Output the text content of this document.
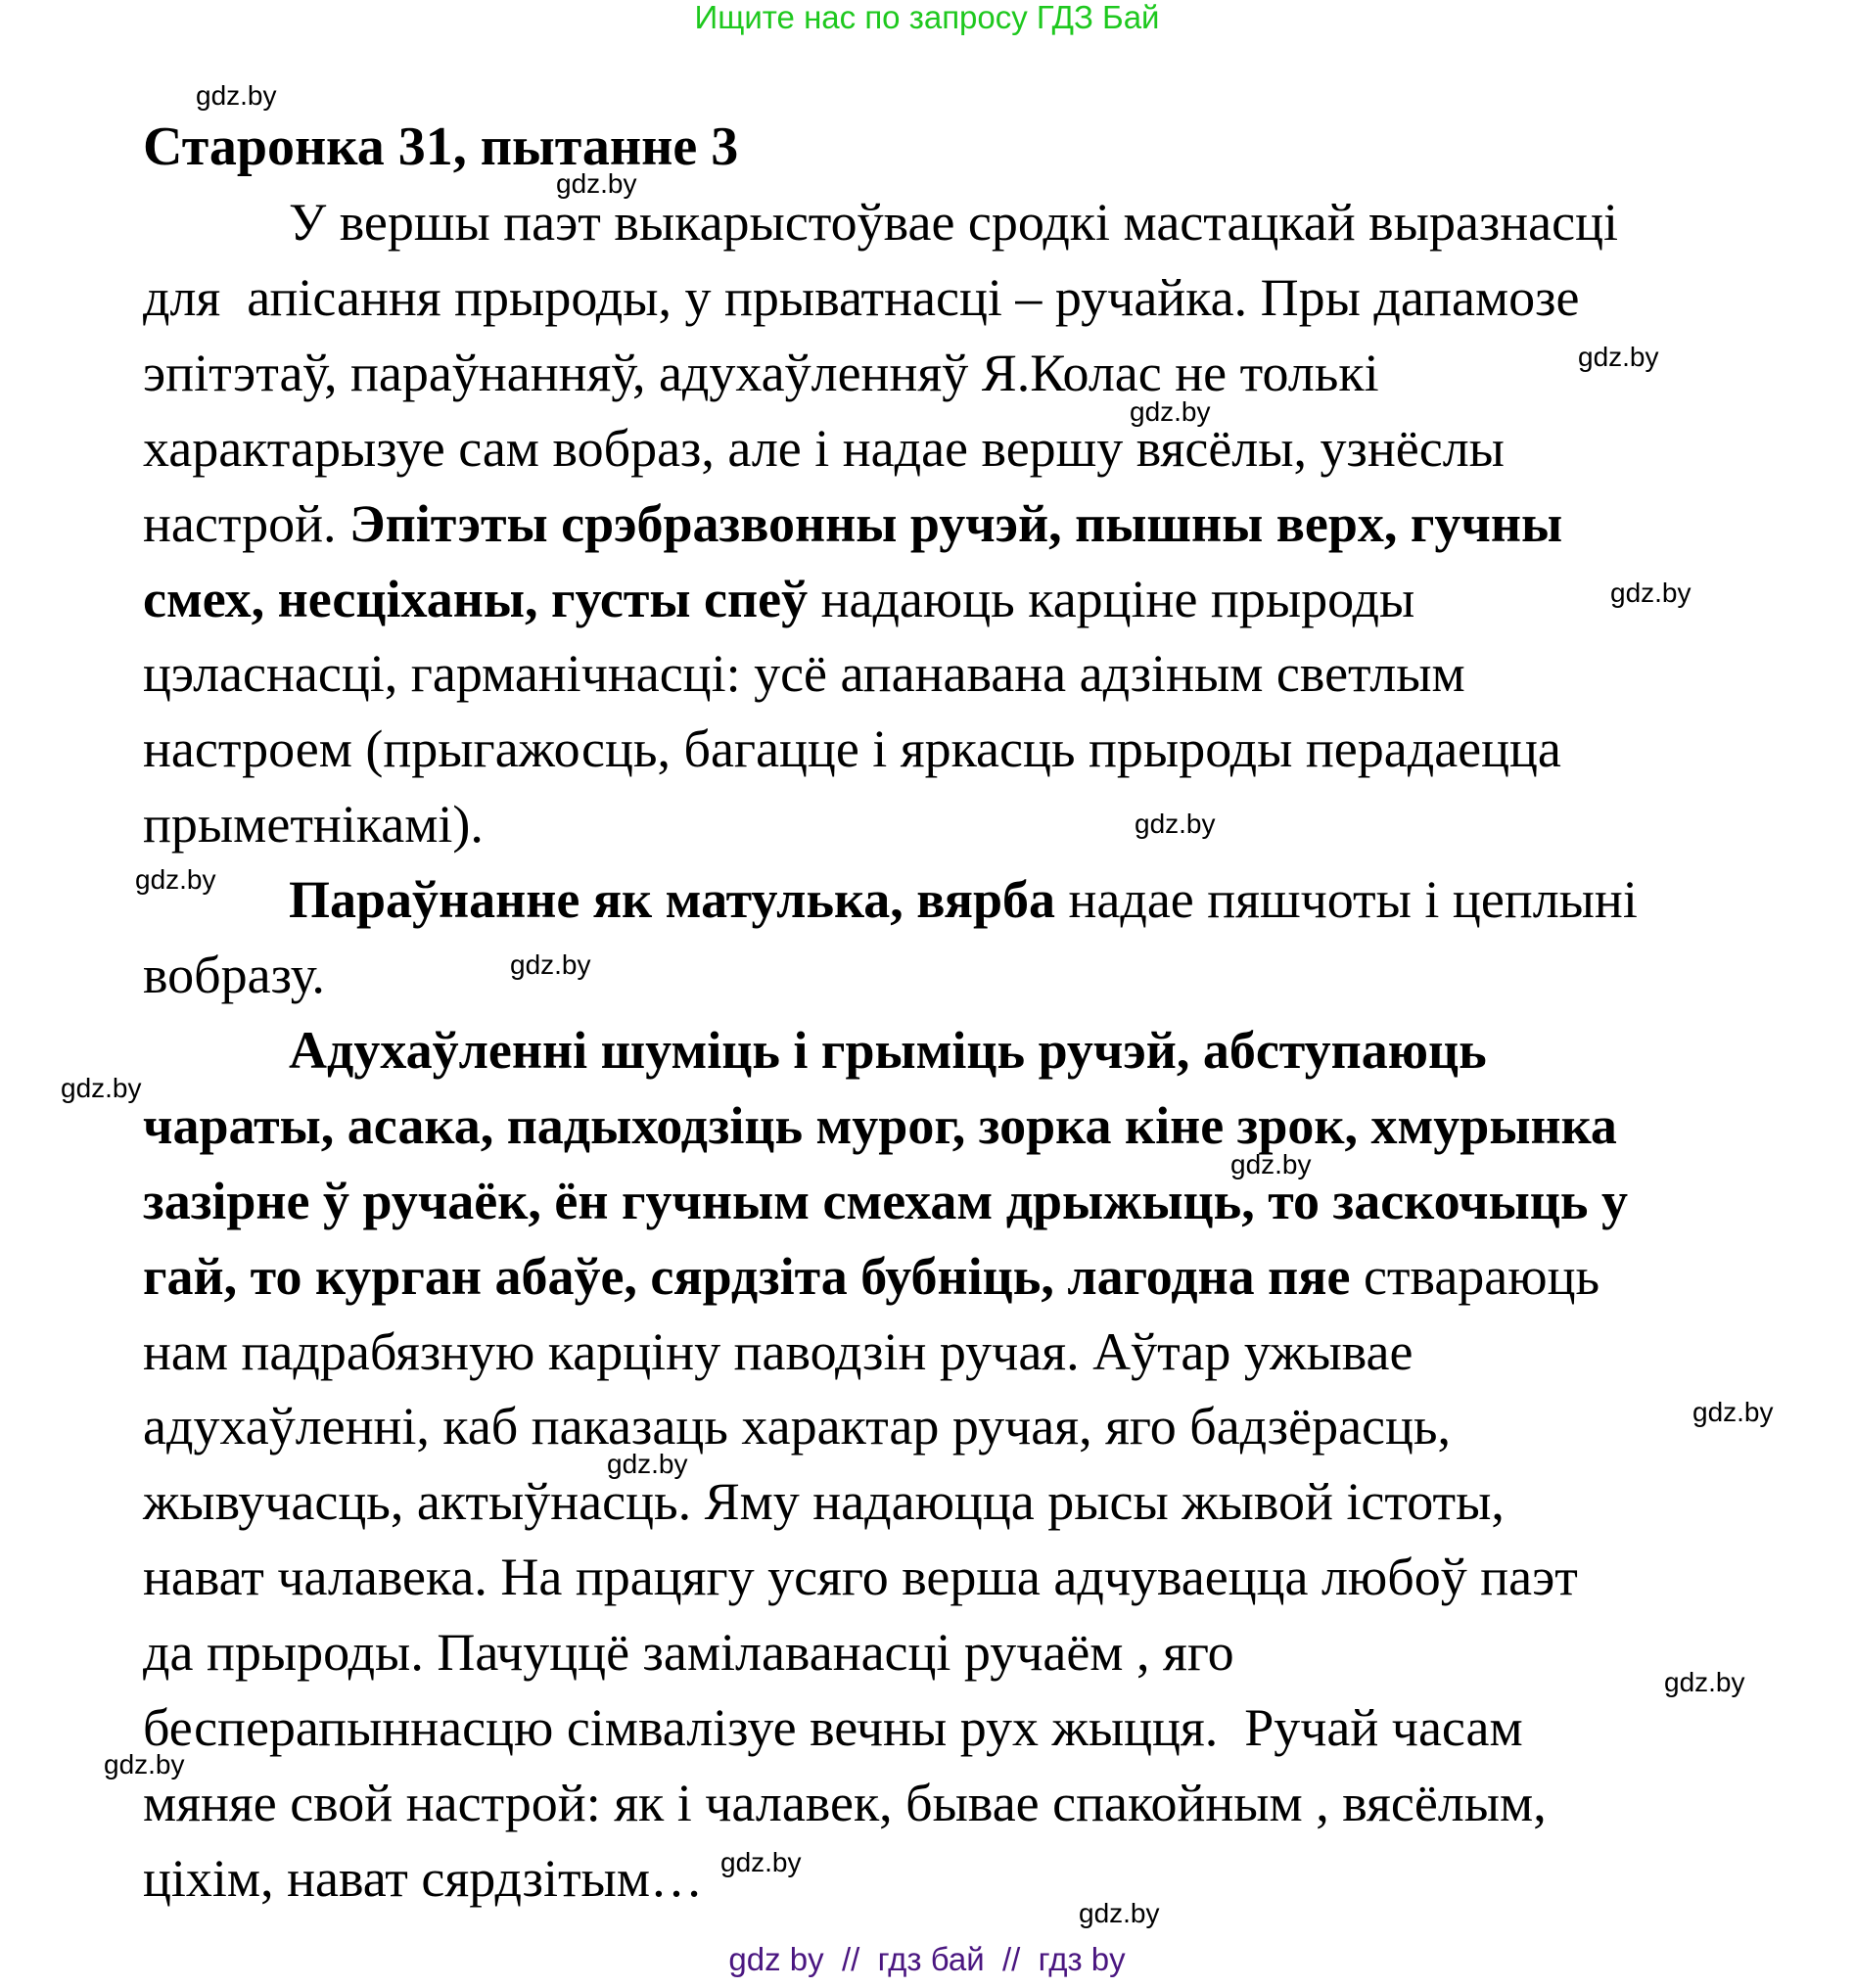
Ищите нас по запросу ГДЗ Бай
Старонка 31, пытанне 3
У вершы паэт выкарыстоўвае сродкі мастацкай выразнасці
для  апісання прыроды, у прыватнасці – ручайка. Пры дапамозе
эпітэтаў, параўнанняў, адухаўленняў Я.Колас не толькі
характарызуе сам вобраз, але і надае вершу вясёлы, узнёслы
настрой. Эпітэты срэбразвонны ручэй, пышны верх, гучны
смех, несціханы, густы спеў надаюць карціне прыроды
цэласнасці, гарманічнасці: усё апанавана адзіным светлым
настроем (прыгажосць, багацце і яркасць прыроды перадаецца
прыметнікамі).
Параўнанне як матулька, вярба надае пяшчоты і цеплыні
вобразу.
Адухаўленні шуміць і грыміць ручэй, абступаюць
чараты, асака, падыходзіць мурог, зорка кіне зрок, хмурынка
зазірне ў ручаёк, ён гучным смехам дрыжыць, то заскочыць у
гай, то курган абаўе, сярдзіта бубніць, лагодна пяе ствараюць
нам падрабязную карціну паводзін ручая. Аўтар ужывае
адухаўленні, каб паказаць характар ручая, яго бадзёрасць,
жывучасць, актыўнасць. Яму надаюцца рысы жывой істоты,
нават чалавека. На працягу усяго верша адчуваецца любоў паэт
да прыроды. Пачуццё замілаванасці ручаём , яго
бесперапыннасцю сімвалізуе вечны рух жыцця.  Ручай часам
мяняе свой настрой: як і чалавек, бывае спакойным , вясёлым,
ціхім, нават сярдзітым…
gdz.by
gdz.by
gdz.by
gdz.by
gdz.by
gdz.by
gdz.by
gdz.by
gdz.by
gdz.by
gdz.by
gdz.by
gdz.by
gdz.by
gdz.by
gdz.by
gdz by  //  гдз бай  //  гдз by
